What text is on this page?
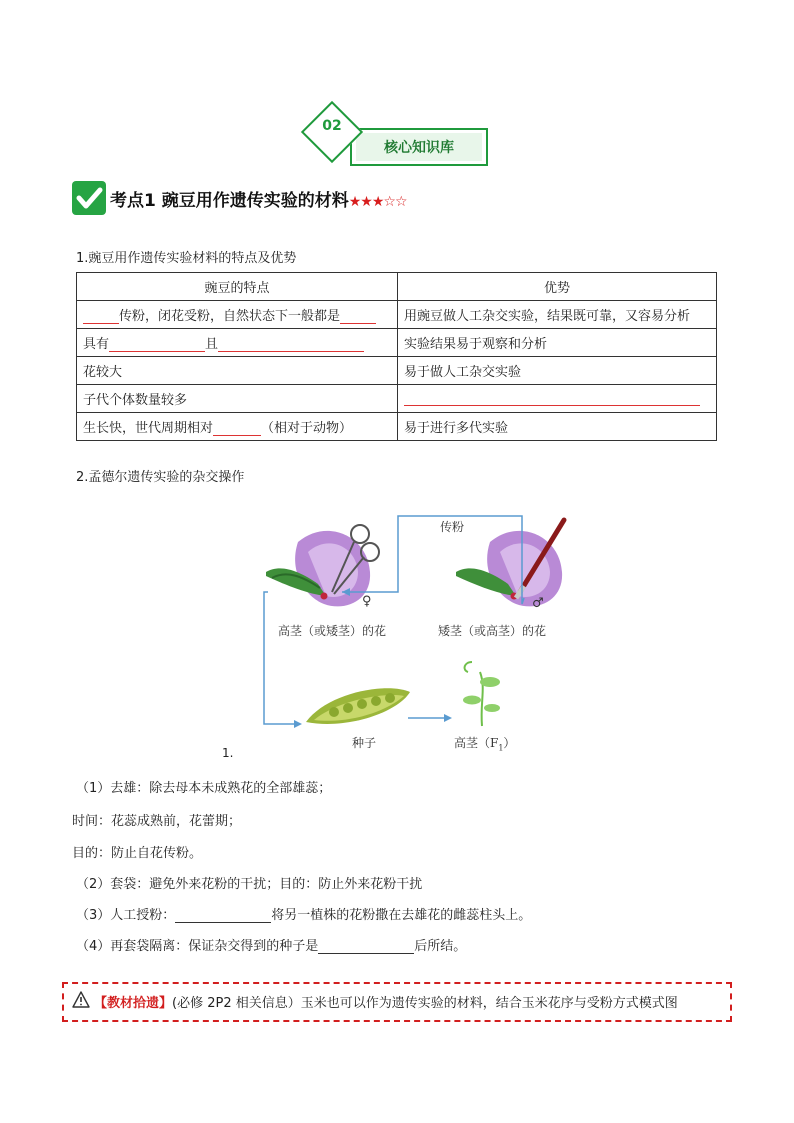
核心知识库
02
考点1 豌豆用作遗传实验的材料★★★☆☆
1.豌豆用作遗传实验材料的特点及优势
豌豆的特点	优势
传粉，闭花受粉，自然状态下一般都是	用豌豆做人工杂交实验，结果既可靠，又容易分析
具有 且	实验结果易于观察和分析
花较大	易于做人工杂交实验
子代个体数量较多	
生长快，世代周期相对 （相对于动物）	易于进行多代实验
2.孟德尔遗传实验的杂交操作
传粉
♀	♂
高茎（或矮茎）的花	矮茎（或高茎）的花
种子	高茎$(F_1)$
1.
（1）去雄：除去母本未成熟花的全部雄蕊；
时间：花蕊成熟前，花蕾期；
目的：防止自花传粉。
（2）套袋：避免外来花粉的干扰；目的：防止外来花粉干扰
（3）人工授粉：	将另一植株的花粉撒在去雄花的雌蕊柱头上。
（4）再套袋隔离：保证杂交得到的种子是	后所结。
【教材拾遗】(必修 2P2 相关信息）玉米也可以作为遗传实验的材料，结合玉米花序与受粉方式模式图
